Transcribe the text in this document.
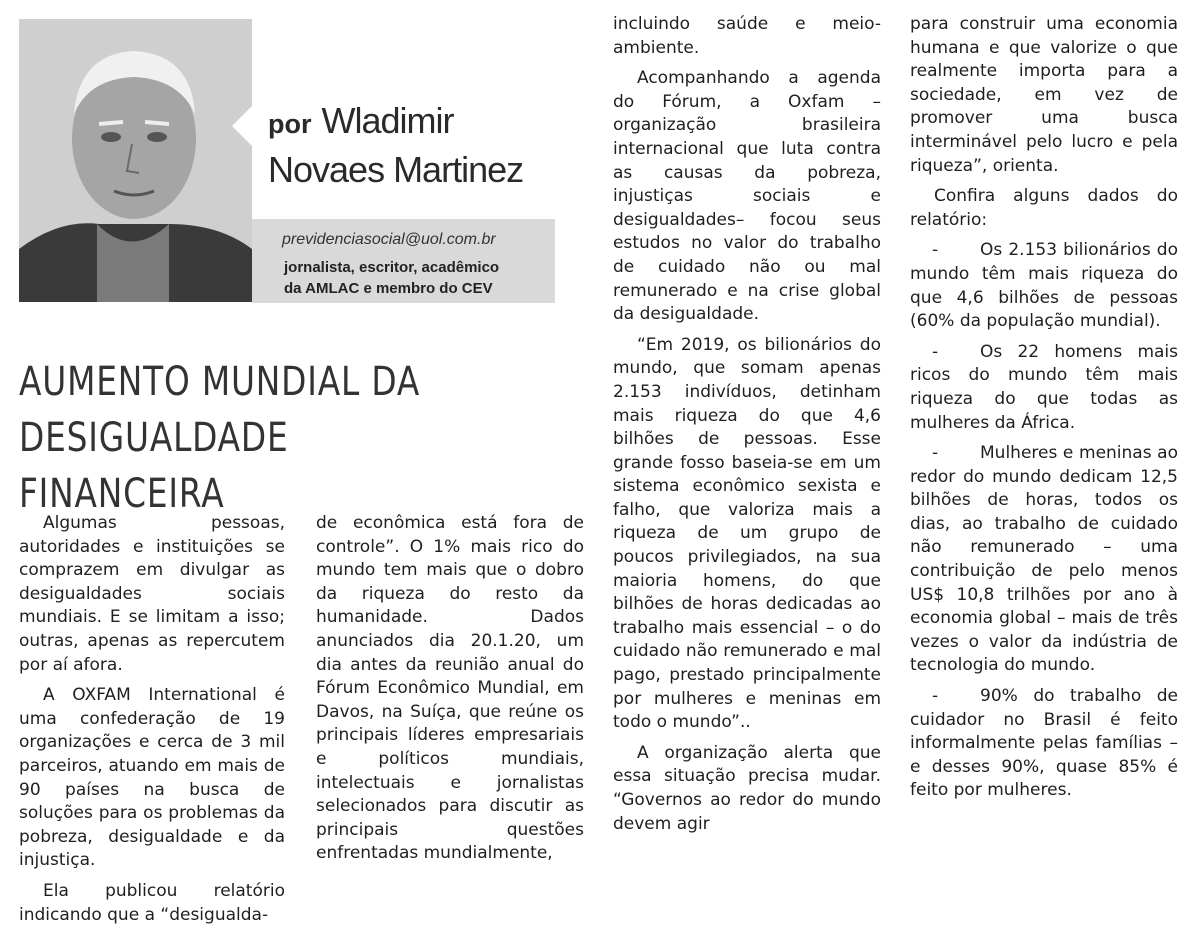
por Wladimir
Novaes Martinez
previdenciasocial@uol.com.br
jornalista, escritor, acadêmico
da AMLAC e membro do CEV
AUMENTO MUNDIAL DA
DESIGUALDADE FINANCEIRA

Algumas pessoas, autoridades e instituições se comprazem em divulgar as desigualdades sociais mundiais. E se limitam a isso; outras, apenas as repercutem por aí afora.

A OXFAM International é uma confederação de 19 organizações e cerca de 3 mil parceiros, atuando em mais de 90 países na busca de soluções para os problemas da pobreza, desigualdade e da injustiça.

Ela publicou relatório indicando que a “desigualda-

de econômica está fora de controle”. O 1% mais rico do mundo tem mais que o dobro da riqueza do resto da humanidade. Dados anunciados dia 20.1.20, um dia antes da reunião anual do Fórum Econômico Mundial, em Davos, na Suíça, que reúne os principais líderes empresariais e políticos mundiais, intelectuais e jornalistas selecionados para discutir as principais questões enfrentadas mundialmente,

incluindo saúde e meio-ambiente.

Acompanhando a agenda do Fórum, a Oxfam – organização brasileira internacional que luta contra as causas da pobreza, injustiças sociais e desigualdades– focou seus estudos no valor do trabalho de cuidado não ou mal remunerado e na crise global da desigualdade.

“Em 2019, os bilionários do mundo, que somam apenas 2.153 indivíduos, detinham mais riqueza do que 4,6 bilhões de pessoas. Esse grande fosso baseia-se em um sistema econômico sexista e falho, que valoriza mais a riqueza de um grupo de poucos privilegiados, na sua maioria homens, do que bilhões de horas dedicadas ao trabalho mais essencial – o do cuidado não remunerado e mal pago, prestado principalmente por mulheres e meninas em todo o mundo”..

A organização alerta que essa situação precisa mudar. “Governos ao redor do mundo devem agir

para construir uma economia humana e que valorize o que realmente importa para a sociedade, em vez de promover uma busca interminável pelo lucro e pela riqueza”, orienta.

Confira alguns dados do relatório:

- Os 2.153 bilionários do mundo têm mais riqueza do que 4,6 bilhões de pessoas (60% da população mundial).

- Os 22 homens mais ricos do mundo têm mais riqueza do que todas as mulheres da África.

- Mulheres e meninas ao redor do mundo dedicam 12,5 bilhões de horas, todos os dias, ao trabalho de cuidado não remunerado – uma contribuição de pelo menos US$ 10,8 trilhões por ano à economia global – mais de três vezes o valor da indústria de tecnologia do mundo.

- 90% do trabalho de cuidador no Brasil é feito informalmente pelas famílias – e desses 90%, quase 85% é feito por mulheres.
